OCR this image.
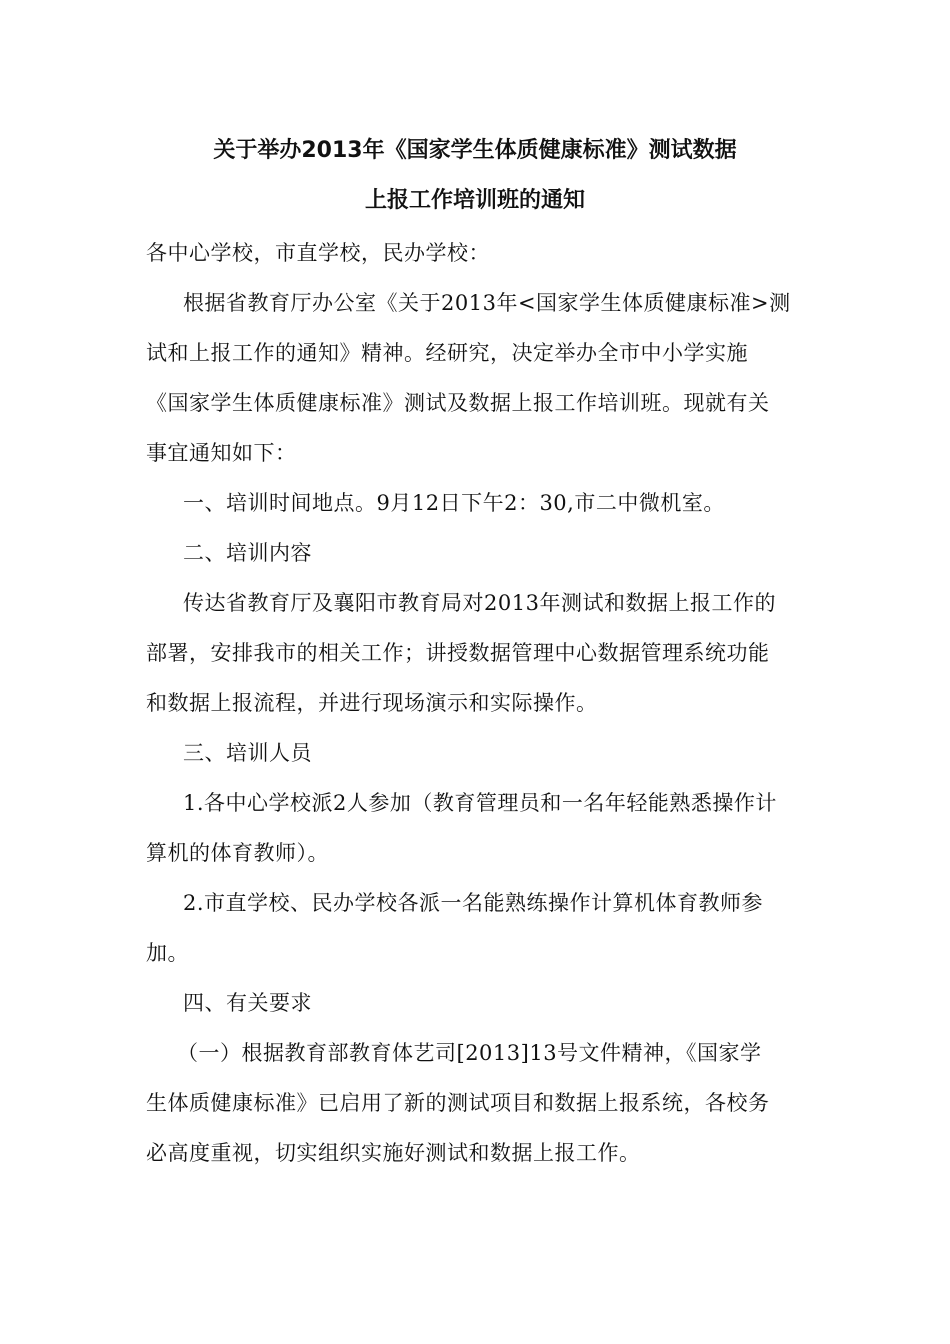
关于举办2013年《国家学生体质健康标准》测试数据
上报工作培训班的通知
各中心学校，市直学校，民办学校：
根据省教育厅办公室《关于2013年<国家学生体质健康标准>测
试和上报工作的通知》精神。经研究，决定举办全市中小学实施
《国家学生体质健康标准》测试及数据上报工作培训班。现就有关
事宜通知如下：
一、培训时间地点。9月12日下午2：30,市二中微机室。
二、培训内容
传达省教育厅及襄阳市教育局对2013年测试和数据上报工作的
部署，安排我市的相关工作；讲授数据管理中心数据管理系统功能
和数据上报流程，并进行现场演示和实际操作。
三、培训人员
1.各中心学校派2人参加（教育管理员和一名年轻能熟悉操作计
算机的体育教师）。
2.市直学校、民办学校各派一名能熟练操作计算机体育教师参
加。
四、有关要求
（一）根据教育部教育体艺司[2013]13号文件精神，《国家学
生体质健康标准》已启用了新的测试项目和数据上报系统，各校务
必高度重视，切实组织实施好测试和数据上报工作。
